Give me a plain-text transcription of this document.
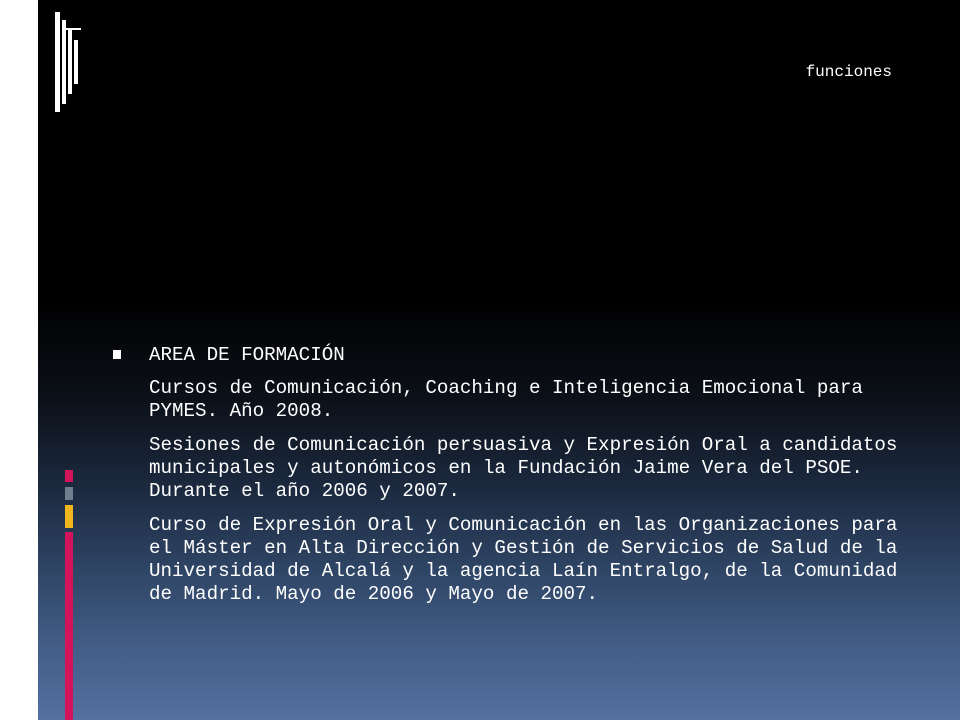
funciones
AREA DE FORMACIÓN
Cursos de Comunicación, Coaching e Inteligencia Emocional para PYMES. Año 2008.
Sesiones de Comunicación persuasiva y Expresión Oral a candidatos municipales y autonómicos en la Fundación Jaime Vera del PSOE. Durante el año 2006 y 2007.
Curso de Expresión Oral y Comunicación en las Organizaciones para el Máster en Alta Dirección y Gestión de Servicios de Salud de la Universidad de Alcalá y la agencia Laín Entralgo, de la Comunidad de Madrid. Mayo de 2006 y Mayo de 2007.
